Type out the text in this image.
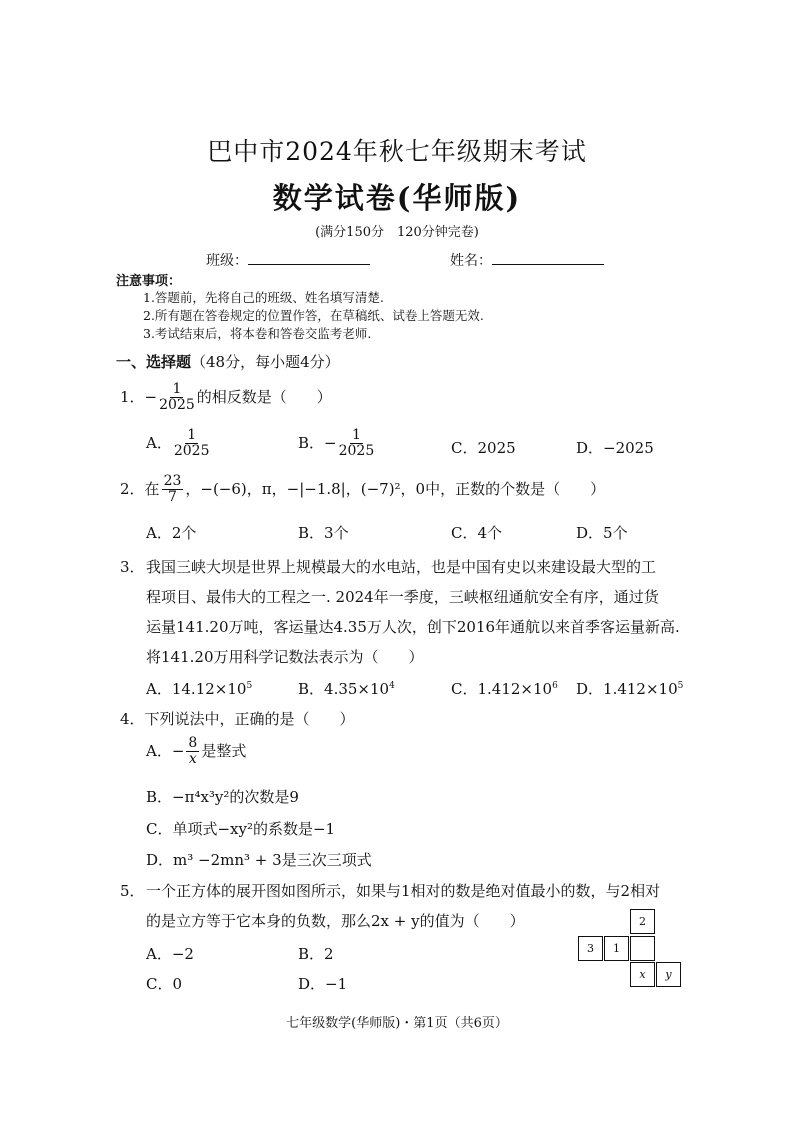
巴中市2024年秋七年级期末考试
数学试卷(华师版)
(满分150分　120分钟完卷)
班级：	姓名：
注意事项：
1.答题前，先将自己的班级、姓名填写清楚.
2.所有题在答卷规定的位置作答，在草稿纸、试卷上答题无效.
3.考试结束后，将本卷和答卷交监考老师.
一、选择题（48分，每小题4分）
1．− $\frac{1}{2025}$ 的相反数是（　　）
A． $\frac{1}{2025}$	B．− $\frac{1}{2025}$	C．2025	D．−2025
2．在 $\frac{23}{7}$ ，−(−6)，π，−|−1.8|，(−7)²，0中，正数的个数是（　　）
A．2个	B．3个	C．4个	D．5个
3． 我国三峡大坝是世界上规模最大的水电站，也是中国有史以来建设最大型的工
程项目、最伟大的工程之一. 2024年一季度，三峡枢纽通航安全有序，通过货
运量141.20万吨，客运量达4.35万人次，创下2016年通航以来首季客运量新高.
将141.20万用科学记数法表示为（　　）
A．$14.12\times 10^5$	B．$4.35\times 10^4$	C．$1.412\times 10^6$ D．$1.412\times 10^5$
4．下列说法中，正确的是（　　）
A．− $\frac{8}{x}$ 是整式
B．−π⁴x³y²的次数是9
C．单项式−xy²的系数是−1
D．m³ −2mn³ + 3是三次三项式
5． 一个正方体的展开图如图所示，如果与1相对的数是绝对值最小的数，与2相对
的是立方等于它本身的负数，那么2x + y的值为（　　）
A．−2	B．2
C．0	D．−1
2
3	1
x	y
七年级数学(华师版)・第1页（共6页）
